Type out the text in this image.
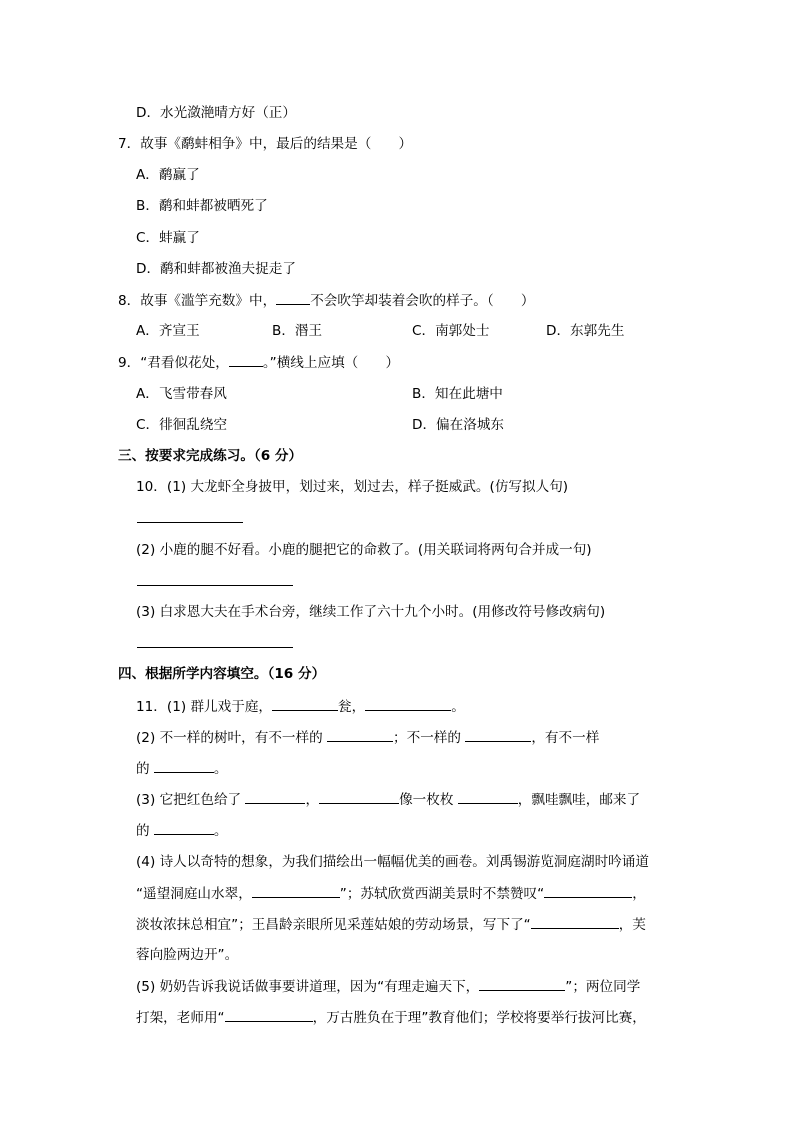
D．水光潋滟晴方好（正）
7．故事《鹬蚌相争》中，最后的结果是（　　）
A．鹬赢了
B．鹬和蚌都被晒死了
C．蚌赢了
D．鹬和蚌都被渔夫捉走了
8．故事《滥竽充数》中，	不会吹竽却装着会吹的样子。（　　）
A．齐宣王	B．湣王	C．南郭处士	D．东郭先生
9．“君看似花处，	。”横线上应填（　　）
A．飞雪带春风	B．知在此塘中
C．徘徊乱绕空	D．偏在洛城东
三、按要求完成练习。（6 分）
10．(1) 大龙虾全身披甲，划过来，划过去，样子挺威武。(仿写拟人句)
(2) 小鹿的腿不好看。小鹿的腿把它的命救了。(用关联词将两句合并成一句)
(3) 白求恩大夫在手术台旁，继续工作了六十九个小时。(用修改符号修改病句)
四、根据所学内容填空。（16 分）
11．(1) 群儿戏于庭，	瓮，	。
(2) 不一样的树叶，有不一样的	；不一样的	，有不一样
的	。
(3) 它把红色给了	，	像一枚枚	，飘哇飘哇，邮来了
的	。
(4) 诗人以奇特的想象，为我们描绘出一幅幅优美的画卷。刘禹锡游览洞庭湖时吟诵道
“遥望洞庭山水翠，	”；苏轼欣赏西湖美景时不禁赞叹“	，
淡妆浓抹总相宜”；王昌龄亲眼所见采莲姑娘的劳动场景，写下了“	，芙
蓉向脸两边开”。
(5) 奶奶告诉我说话做事要讲道理，因为“有理走遍天下，	”；两位同学
打架，老师用“	，万古胜负在于理”教育他们；学校将要举行拔河比赛，
